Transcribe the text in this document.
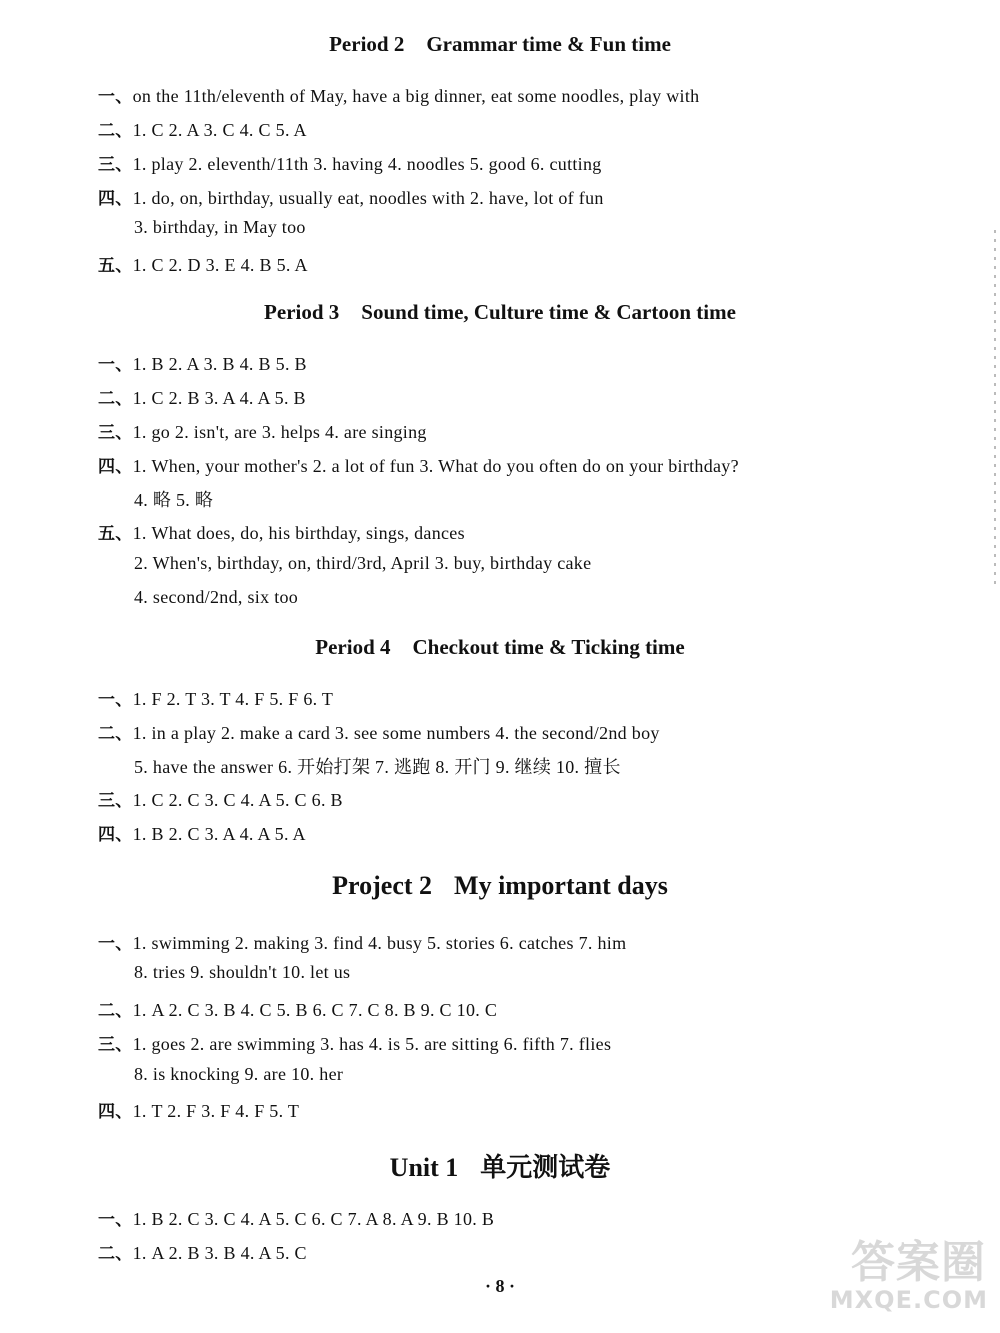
Period 2 Grammar time & Fun time
一、on the 11th/eleventh of May, have a big dinner, eat some noodles, play with
二、1. C 2. A 3. C 4. C 5. A
三、1. play 2. eleventh/11th 3. having 4. noodles 5. good 6. cutting
四、1. do, on, birthday, usually eat, noodles with 2. have, lot of fun
3. birthday, in May too
五、1. C 2. D 3. E 4. B 5. A
Period 3 Sound time, Culture time & Cartoon time
一、1. B 2. A 3. B 4. B 5. B
二、1. C 2. B 3. A 4. A 5. B
三、1. go 2. isn't, are 3. helps 4. are singing
四、1. When, your mother's 2. a lot of fun 3. What do you often do on your birthday?
4. 略 5. 略
五、1. What does, do, his birthday, sings, dances
2. When's, birthday, on, third/3rd, April 3. buy, birthday cake
4. second/2nd, six too
Period 4 Checkout time & Ticking time
一、1. F 2. T 3. T 4. F 5. F 6. T
二、1. in a play 2. make a card 3. see some numbers 4. the second/2nd boy
5. have the answer 6. 开始打架 7. 逃跑 8. 开门 9. 继续 10. 擅长
三、1. C 2. C 3. C 4. A 5. C 6. B
四、1. B 2. C 3. A 4. A 5. A
Project 2 My important days
一、1. swimming 2. making 3. find 4. busy 5. stories 6. catches 7. him
8. tries 9. shouldn't 10. let us
二、1. A 2. C 3. B 4. C 5. B 6. C 7. C 8. B 9. C 10. C
三、1. goes 2. are swimming 3. has 4. is 5. are sitting 6. fifth 7. flies
8. is knocking 9. are 10. her
四、1. T 2. F 3. F 4. F 5. T
Unit 1 单元测试卷
一、1. B 2. C 3. C 4. A 5. C 6. C 7. A 8. A 9. B 10. B
二、1. A 2. B 3. B 4. A 5. C
· 8 ·	答案圈
MXQE.COM
